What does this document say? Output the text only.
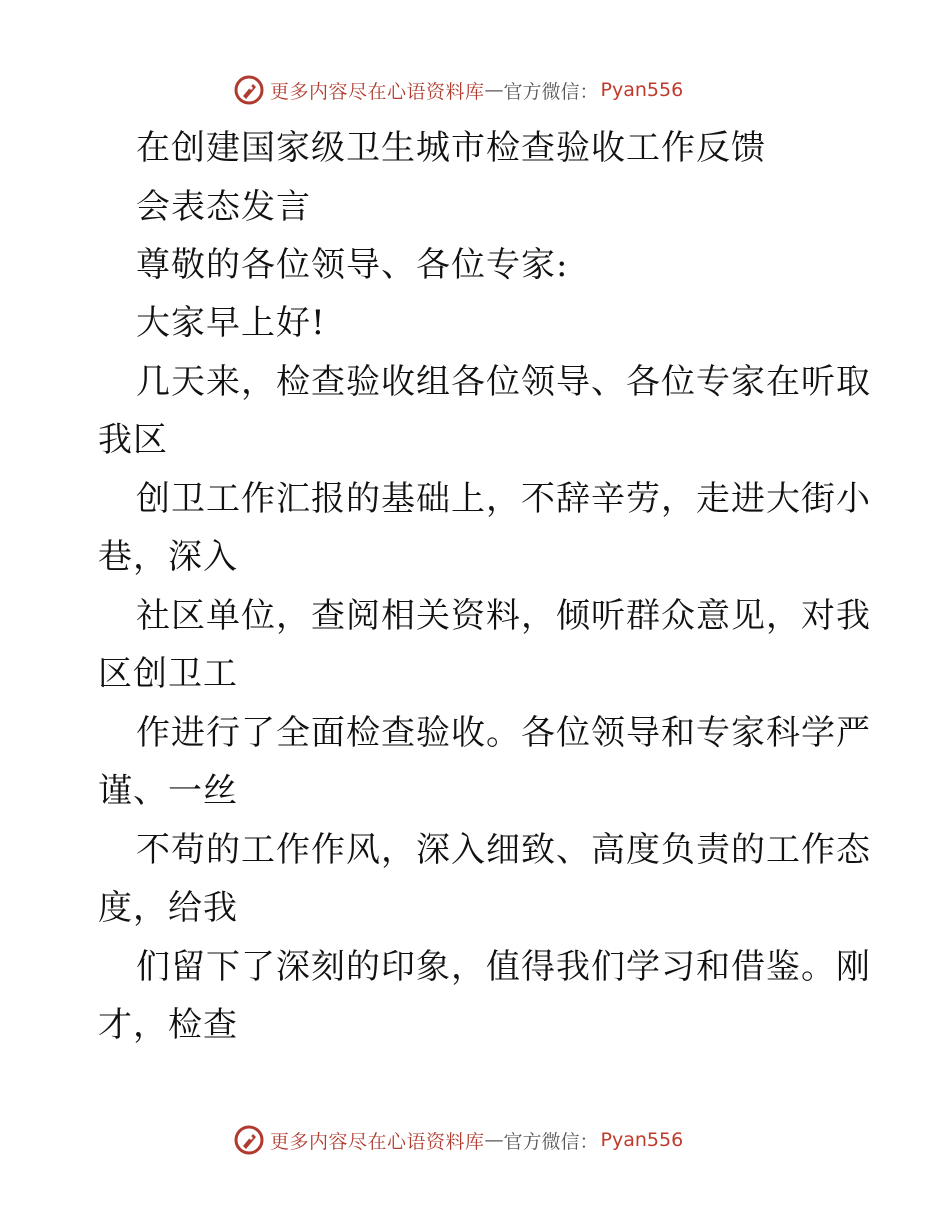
更多内容尽在心语资料库 — 官方微信： Pyan556
在创建国家级卫生城市检查验收工作反馈
会表态发言
尊敬的各位领导、各位专家:
大家早上好!
几天来，检查验收组各位领导、各位专家在听取
我区
创卫工作汇报的基础上，不辞辛劳，走进大街小
巷，深入
社区单位，查阅相关资料，倾听群众意见，对我
区创卫工
作进行了全面检查验收。各位领导和专家科学严
谨、一丝
不苟的工作作风，深入细致、高度负责的工作态
度，给我
们留下了深刻的印象，值得我们学习和借鉴。刚
才，检查
更多内容尽在心语资料库 — 官方微信： Pyan556
